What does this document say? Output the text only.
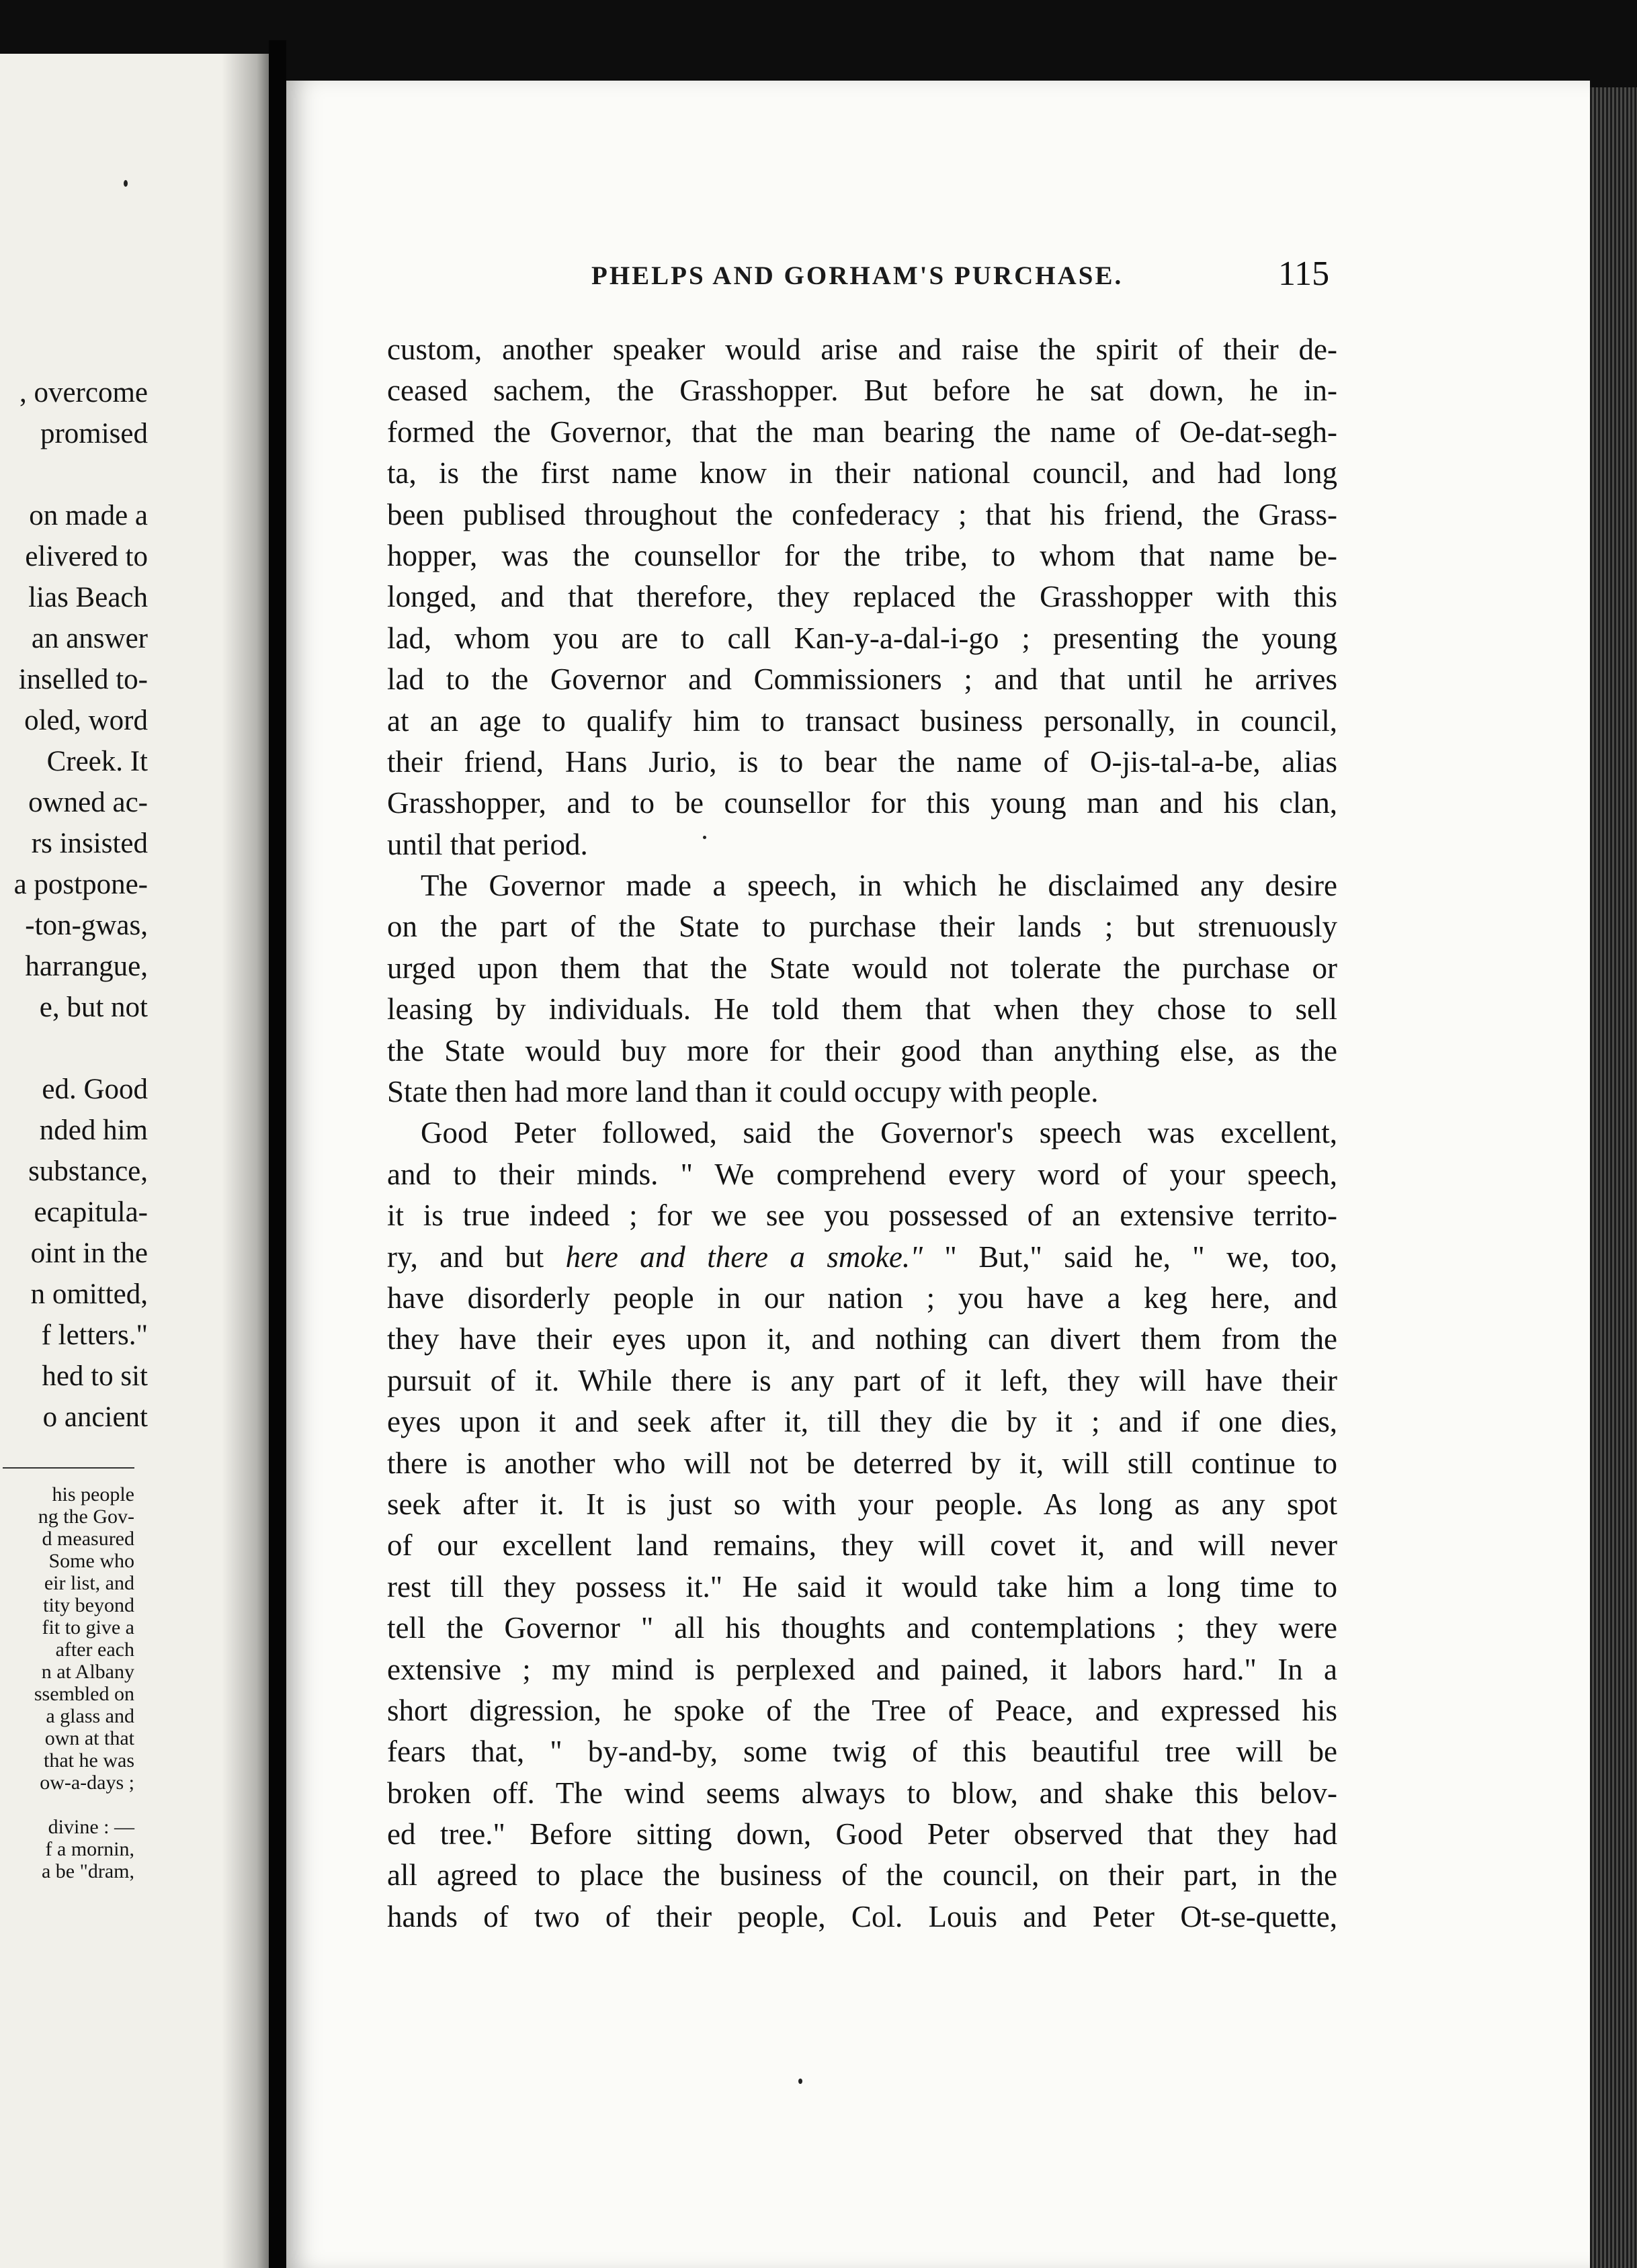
, overcome
promised

on made a
elivered to
lias Beach
an answer
inselled to-
oled, word
Creek. It
owned ac-
rs insisted
a postpone-
-ton-gwas,
harrangue,
e, but not

ed. Good
nded him
substance,
ecapitula-
oint in the
n omitted,
f letters."
hed to sit
o ancient
his people
ng the Gov-
d measured
Some who
eir list, and
tity beyond
fit to give a
after each
n at Albany
ssembled on
a glass and
own at that
that he was
ow-a-days ;

divine : —
f a mornin,
a be "dram,
PHELPS AND GORHAM'S PURCHASE.	115
custom, another speaker would arise and raise the spirit of their de-
ceased sachem, the Grasshopper. But before he sat down, he in-
formed the Governor, that the man bearing the name of Oe-dat-segh-
ta, is the first name know in their national council, and had long
been publised throughout the confederacy ; that his friend, the Grass-
hopper, was the counsellor for the tribe, to whom that name be-
longed, and that therefore, they replaced the Grasshopper with this
lad, whom you are to call Kan-y-a-dal-i-go ; presenting the young
lad to the Governor and Commissioners ; and that until he arrives
at an age to qualify him to transact business personally, in council,
their friend, Hans Jurio, is to bear the name of O-jis-tal-a-be, alias
Grasshopper, and to be counsellor for this young man and his clan,
until that period.
The Governor made a speech, in which he disclaimed any desire
on the part of the State to purchase their lands ; but strenuously
urged upon them that the State would not tolerate the purchase or
leasing by individuals. He told them that when they chose to sell
the State would buy more for their good than anything else, as the
State then had more land than it could occupy with people.
Good Peter followed, said the Governor's speech was excellent,
and to their minds. " We comprehend every word of your speech,
it is true indeed ; for we see you possessed of an extensive territo-
ry, and but here and there a smoke." " But," said he, " we, too,
have disorderly people in our nation ; you have a keg here, and
they have their eyes upon it, and nothing can divert them from the
pursuit of it. While there is any part of it left, they will have their
eyes upon it and seek after it, till they die by it ; and if one dies,
there is another who will not be deterred by it, will still continue to
seek after it. It is just so with your people. As long as any spot
of our excellent land remains, they will covet it, and will never
rest till they possess it." He said it would take him a long time to
tell the Governor " all his thoughts and contemplations ; they were
extensive ; my mind is perplexed and pained, it labors hard." In a
short digression, he spoke of the Tree of Peace, and expressed his
fears that, " by-and-by, some twig of this beautiful tree will be
broken off. The wind seems always to blow, and shake this belov-
ed tree." Before sitting down, Good Peter observed that they had
all agreed to place the business of the council, on their part, in the
hands of two of their people, Col. Louis and Peter Ot-se-quette,
